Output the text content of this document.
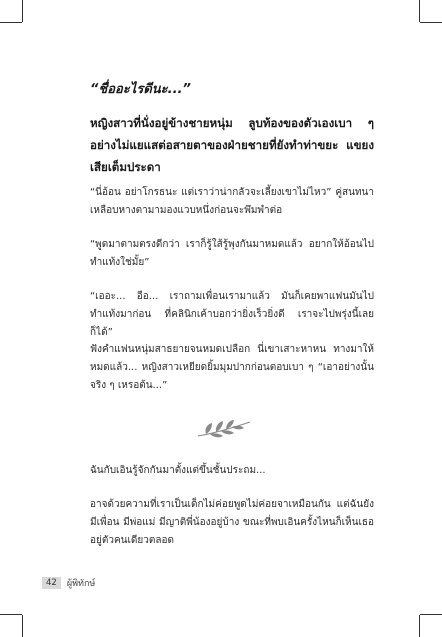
“ชื่ออะไรดีนะ...”
หญิงสาวที่นั่งอยู่ข้างชายหนุ่ม ลูบท้องของตัวเองเบา ๆ อย่างไม่แยแสต่อสายตาของฝ่ายชายที่ยังทำท่าขยะ แขยงเสียเต็มประดา
“นี่อ้อน อย่าโกรธนะ แต่เราว่าน่ากลัวจะเลี้ยงเขาไม่ไหว” คู่สนทนาเหลือบหางตามามองแวบหนึ่งก่อนจะพึมพำต่อ
“พูดมาตามตรงดีกว่า เราก็รู้ใส้รู้พุงกันมาหมดแล้ว อยากให้อ้อนไปทำแท้งใช่มั้ย”
“เออะ... อือ... เราถามเพื่อนเรามาแล้ว มันก็เคยพาแฟนมันไปทำแท้งมาก่อน ที่คลินิกเค้าบอกว่ายิ่งเร็วยิ่งดี เราจะไปพรุ่งนี้เลยก็ได้”
ฟังคำแฟนหนุ่มสาธยายจนหมดเปลือก นี่เขาเสาะหาหน ทางมาให้หมดแล้ว... หญิงสาวเหยียดยิ้มมุมปากก่อนตอบเบา ๆ “เอาอย่างนั้นจริง ๆ เหรอต้น...”
ฉันกับเอินรู้จักกันมาตั้งแต่ขึ้นชั้นประถม...
อาจด้วยความที่เราเป็นเด็กไม่ค่อยพูดไม่ค่อยจาเหมือนกัน แต่ฉันยังมีเพื่อน มีพ่อแม่ มีญาติพี่น้องอยู่บ้าง ขณะที่พบเอินครั้งไหนก็เห็นเธออยู่ตัวคนเดียวตลอด
42	ผู้พิทักษ์
